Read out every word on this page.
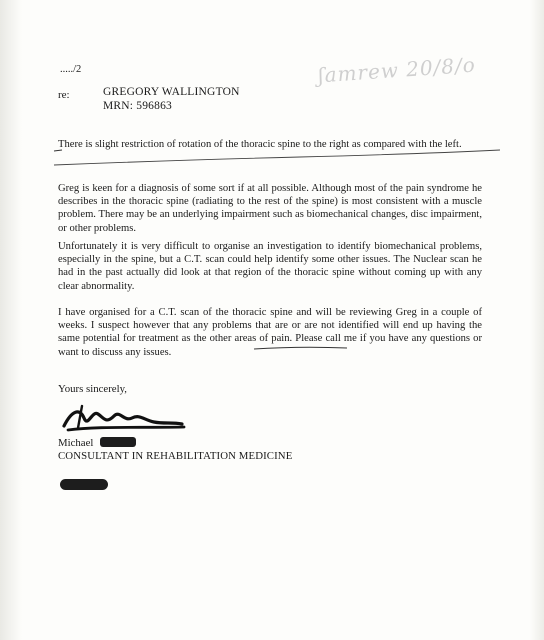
ʃamrew 20/8/o
...../2
re:	GREGORY WALLINGTON
MRN: 596863

There is slight restriction of rotation of the thoracic spine to the right as compared with the left.

Greg is keen for a diagnosis of some sort if at all possible. Although most of the pain syndrome he describes in the thoracic spine (radiating to the rest of the spine) is most consistent with a muscle problem. There may be an underlying impairment such as biomechanical changes, disc impairment, or other problems.

Unfortunately it is very difficult to organise an investigation to identify biomechanical problems, especially in the spine, but a C.T. scan could help identify some other issues. The Nuclear scan he had in the past actually did look at that region of the thoracic spine without coming up with any clear abnormality.

I have organised for a C.T. scan of the thoracic spine and will be reviewing Greg in a couple of weeks. I suspect however that any problems that are or are not identified will end up having the same potential for treatment as the other areas of pain. Please call me if you have any questions or want to discuss any issues.

Yours sincerely,
Michael
CONSULTANT IN REHABILITATION MEDICINE
